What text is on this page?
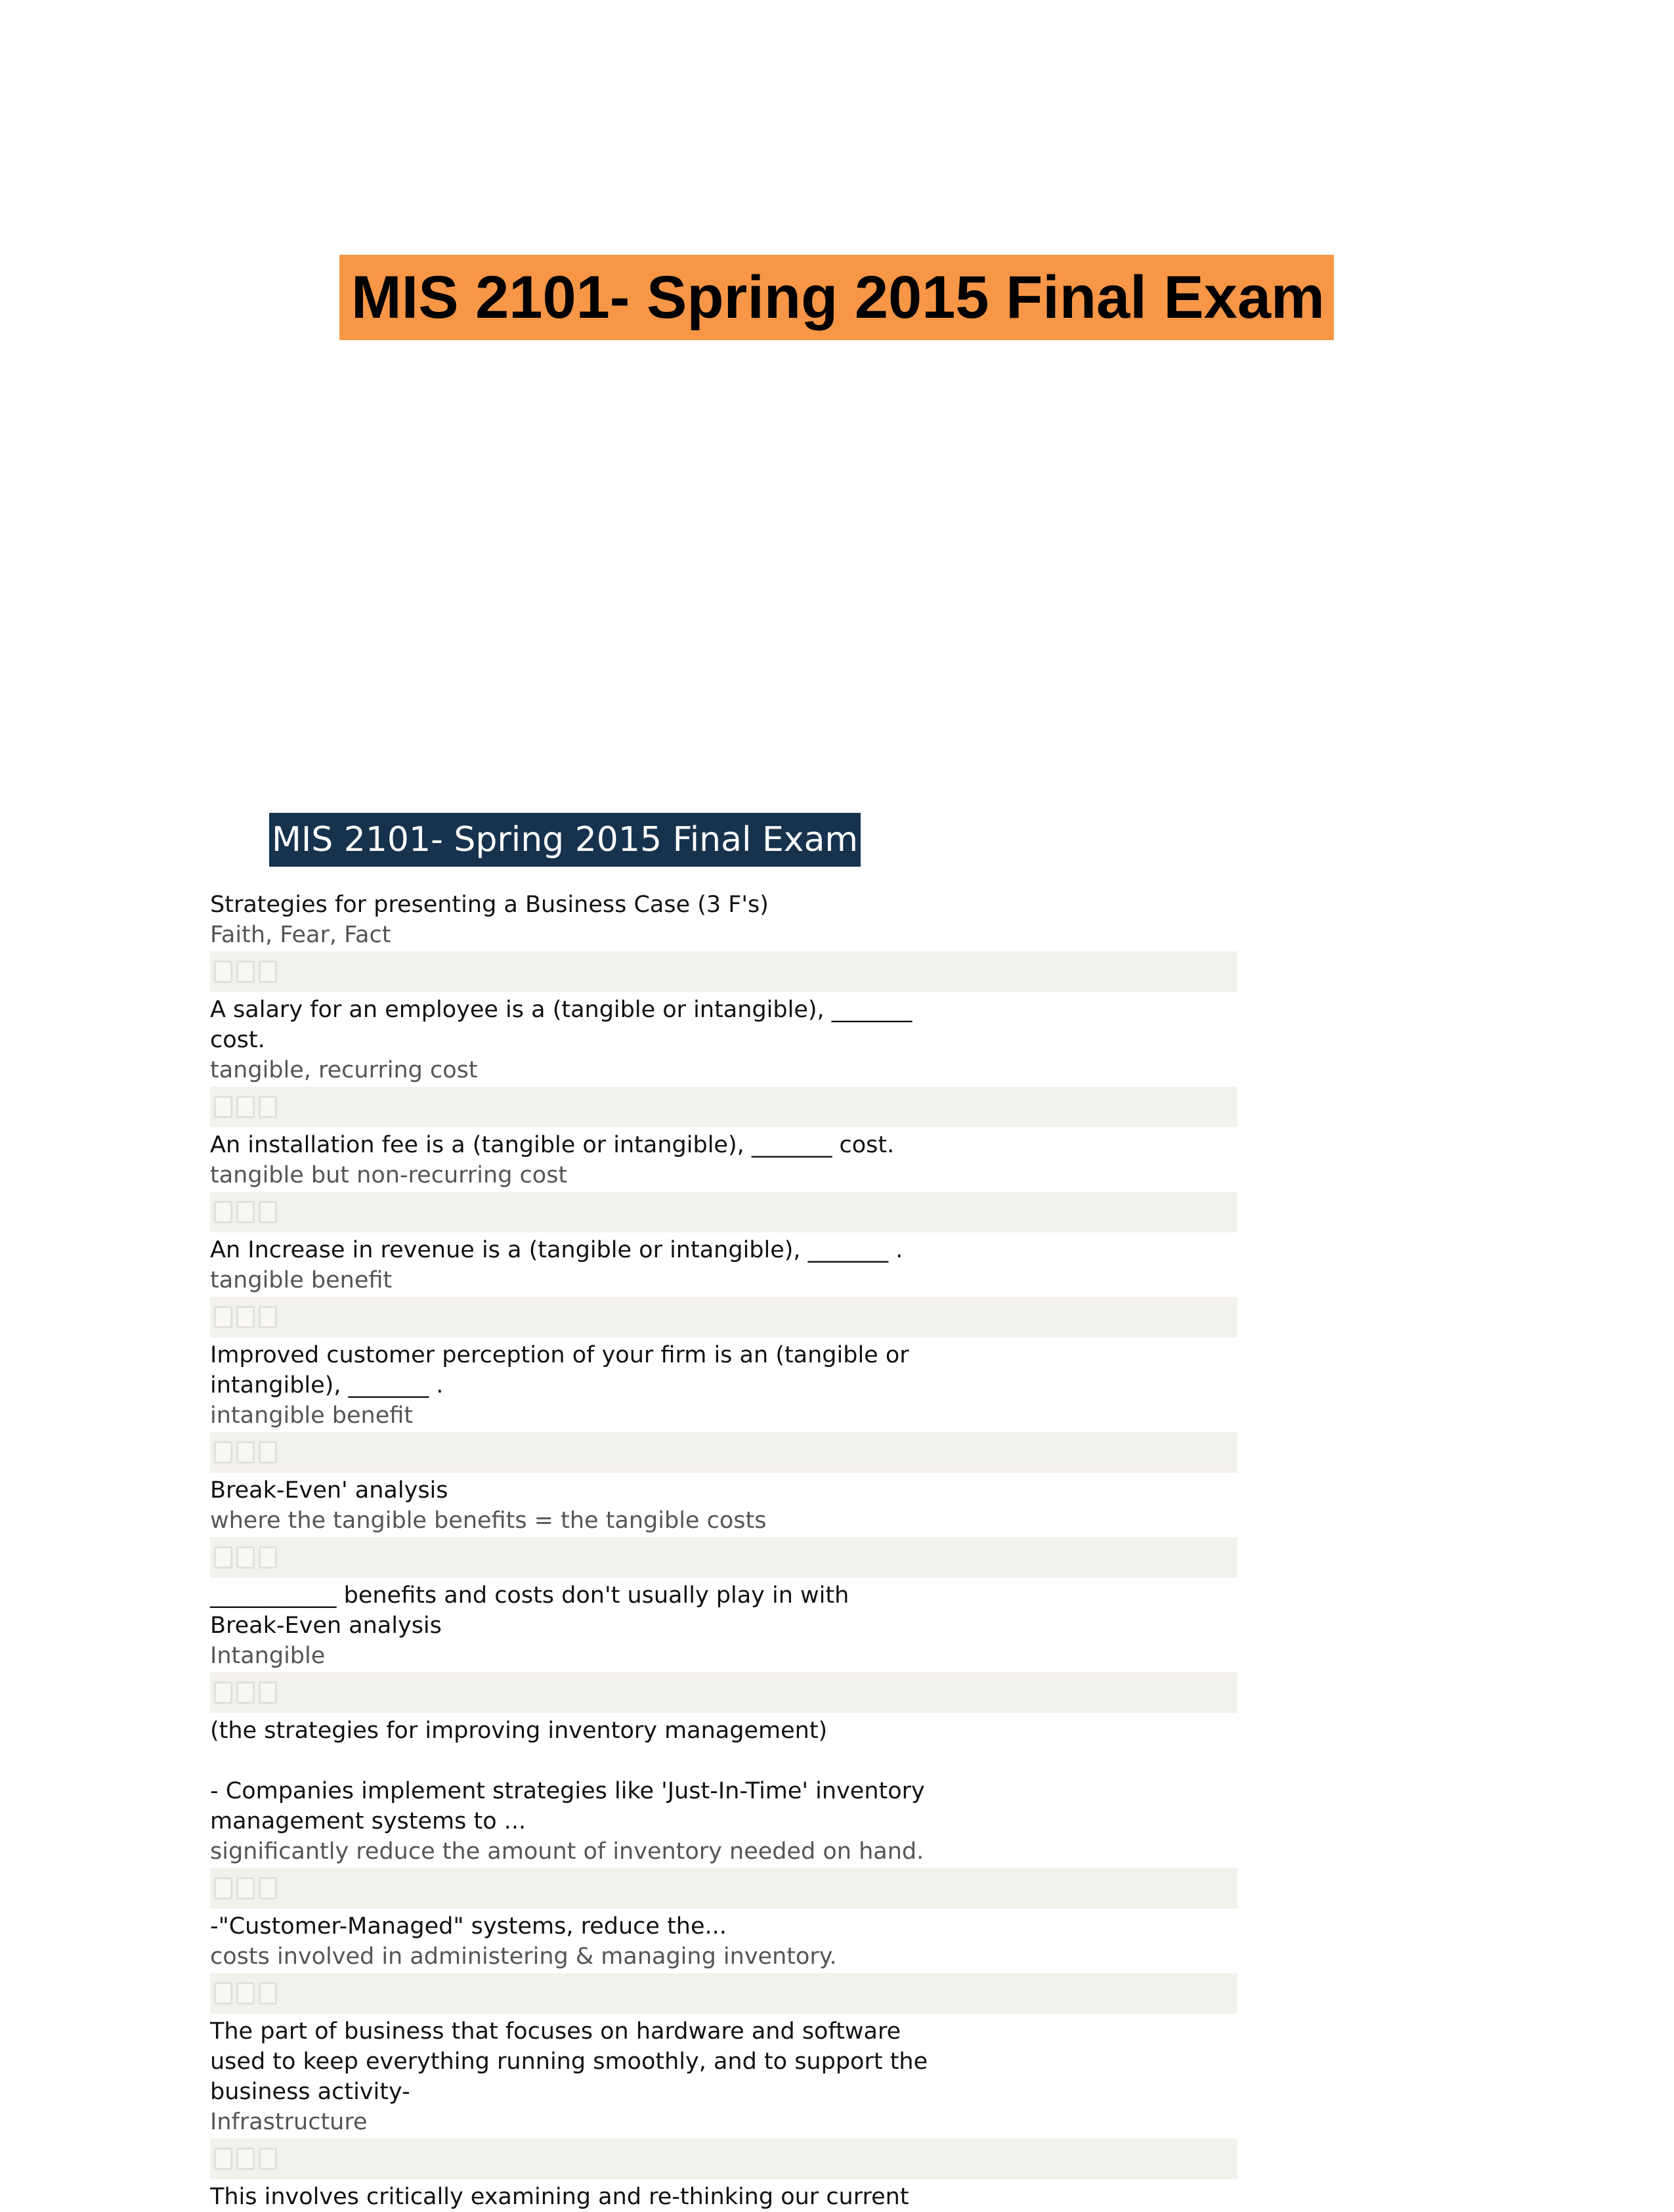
MIS 2101- Spring 2015 Final Exam
MIS 2101- Spring 2015 Final Exam
Strategies for presenting a Business Case (3 F's)
Faith, Fear, Fact
A salary for an employee is a (tangible or intangible), _______
cost.
tangible, recurring cost
An installation fee is a (tangible or intangible), _______ cost.
tangible but non-recurring cost
An Increase in revenue is a (tangible or intangible), _______ .
tangible benefit
Improved customer perception of your firm is an (tangible or
intangible), _______ .
intangible benefit
Break-Even' analysis
where the tangible benefits = the tangible costs
___________ benefits and costs don't usually play in with
Break-Even analysis
Intangible
(the strategies for improving inventory management)

- Companies implement strategies like 'Just-In-Time' inventory
management systems to ...
significantly reduce the amount of inventory needed on hand.
-"Customer-Managed" systems, reduce the...
costs involved in administering & managing inventory.
The part of business that focuses on hardware and software
used to keep everything running smoothly, and to support the
business activity-
Infrastructure
This involves critically examining and re-thinking our current
